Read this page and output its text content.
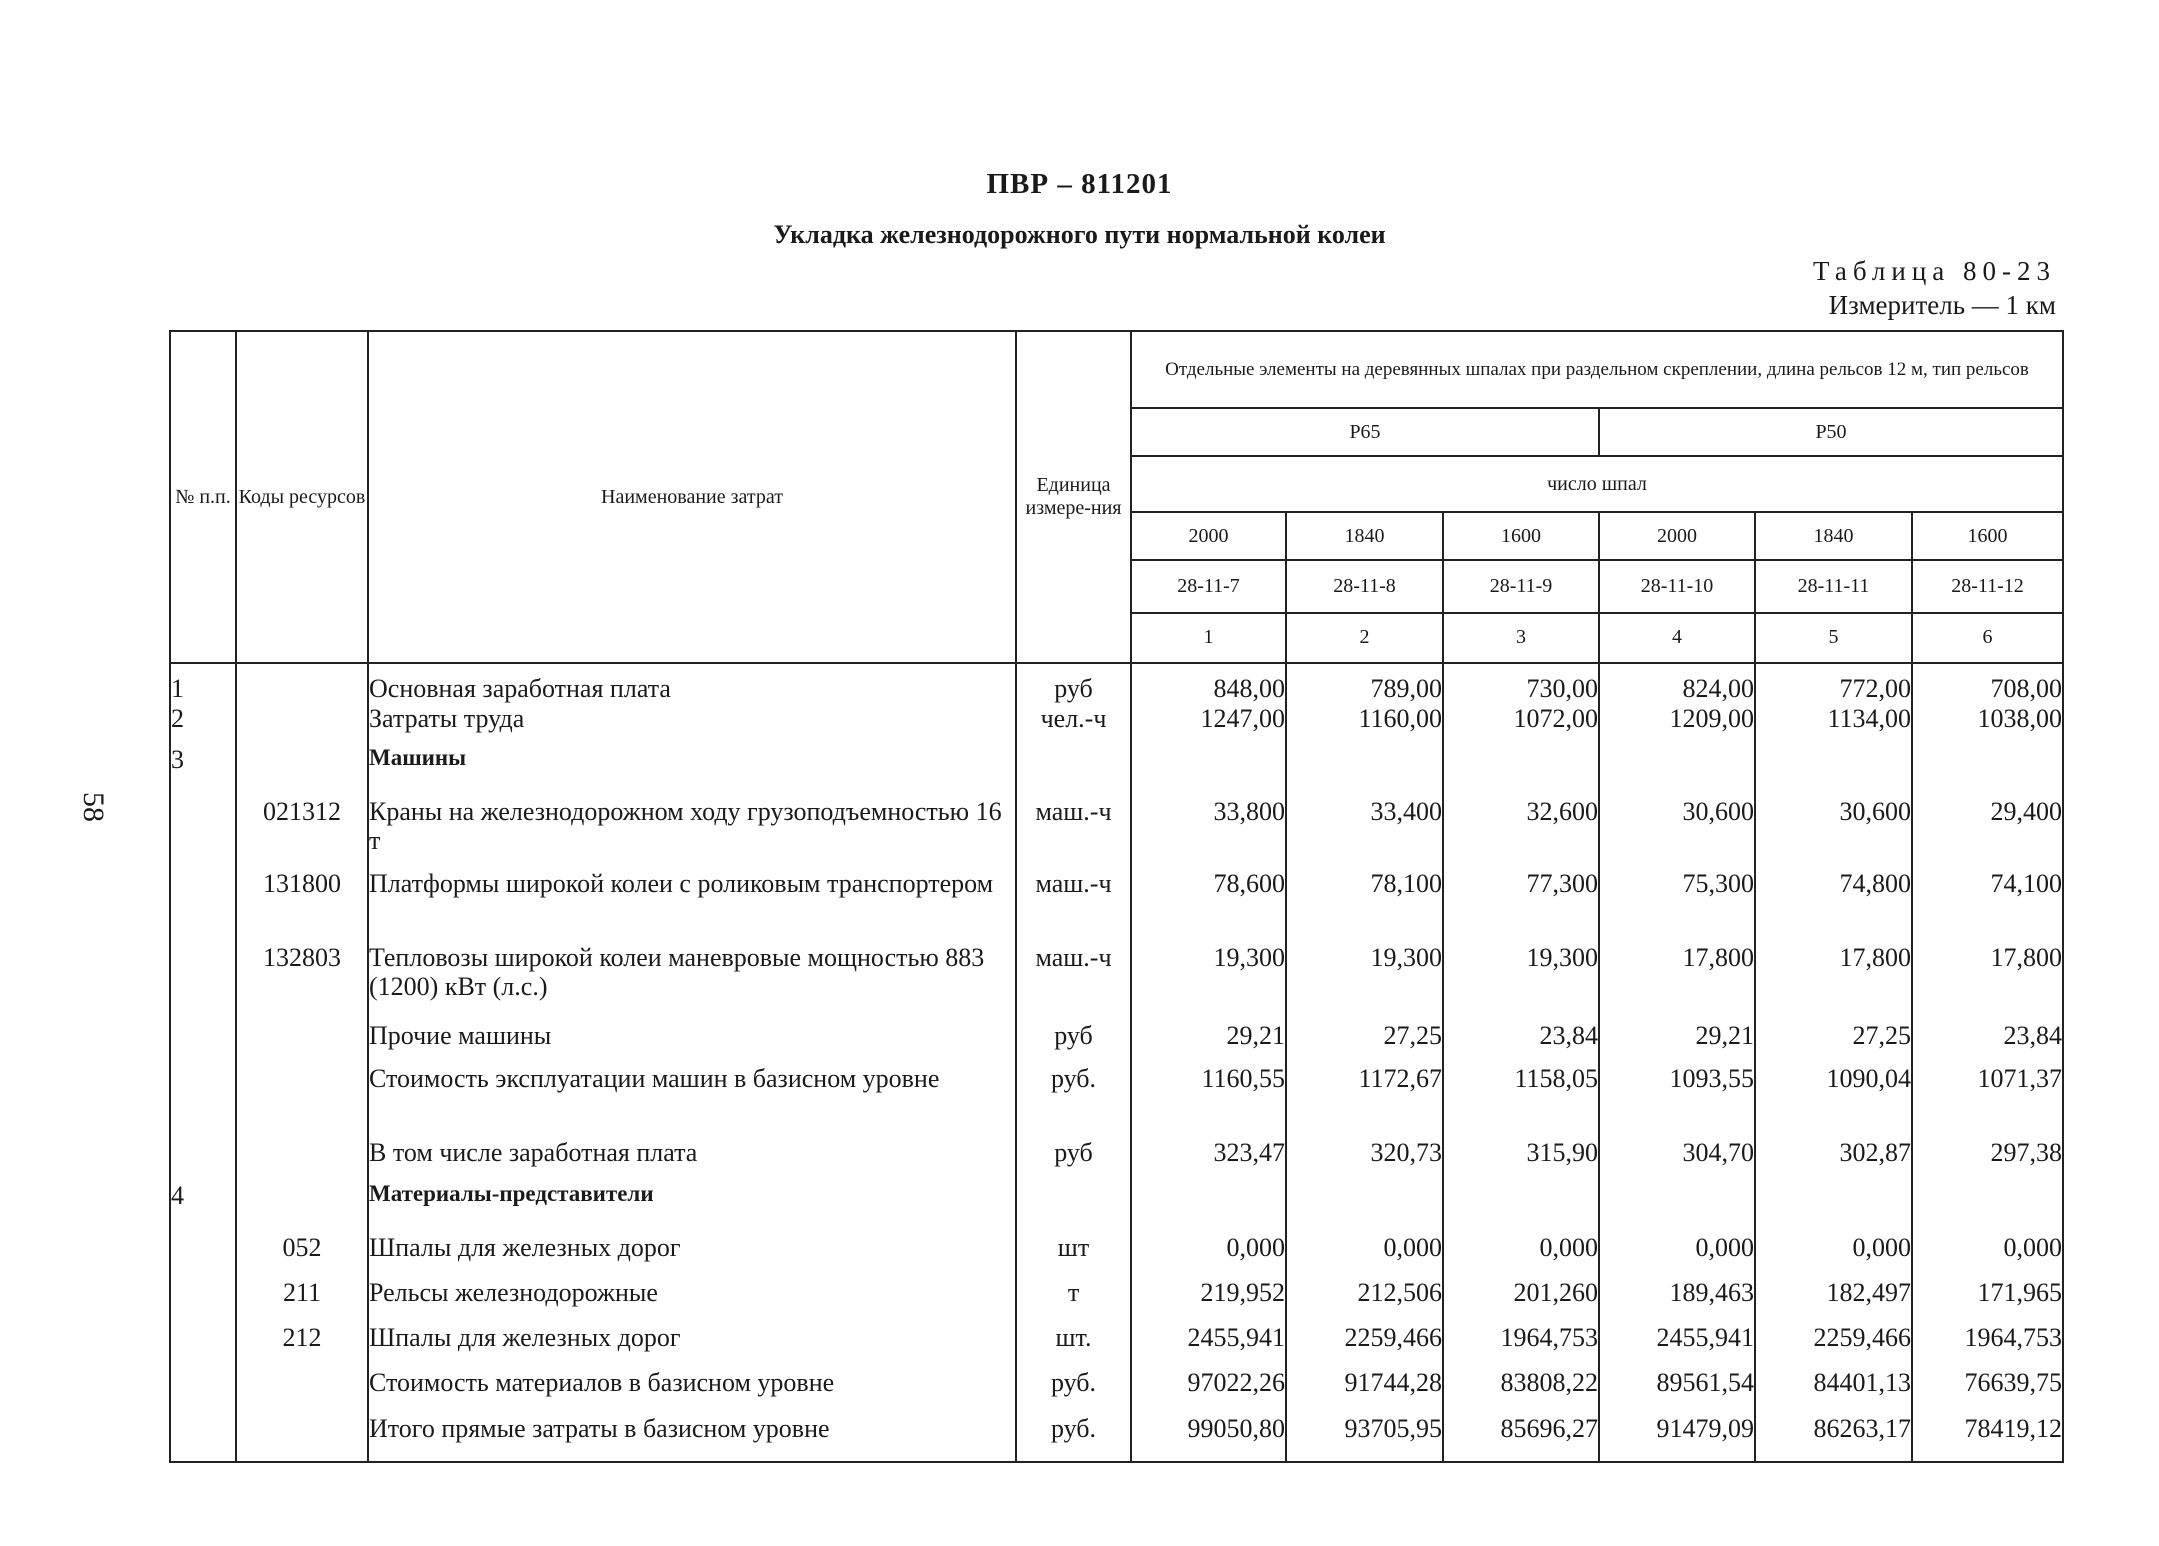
ПВР – 811201
Укладка железнодорожного пути нормальной колеи
Таблица 80-23
Измеритель — 1 км
58
№ п.п.	Коды ресурсов	Наименование затрат	Единица измере-ния	Отдельные элементы на деревянных шпалах при раздельном скреплении, длина рельсов 12 м, тип рельсов					
				Р65			Р50		
				число шпал					
				2000	1840	1600	2000	1840	1600
				28-11-7	28-11-8	28-11-9	28-11-10	28-11-11	28-11-12
				1	2	3	4	5	6
1		Основная заработная плата	руб	848,00	789,00	730,00	824,00	772,00	708,00
2		Затраты труда	чел.-ч	1247,00	1160,00	1072,00	1209,00	1134,00	1038,00
3		Машины							
	021312	Краны на железнодорожном ходу грузоподъемностью 16 т	маш.-ч	33,800	33,400	32,600	30,600	30,600	29,400
	131800	Платформы широкой колеи с роликовым транспортером	маш.-ч	78,600	78,100	77,300	75,300	74,800	74,100
	132803	Тепловозы широкой колеи маневровые мощностью 883 (1200) кВт (л.с.)	маш.-ч	19,300	19,300	19,300	17,800	17,800	17,800
		Прочие машины	руб	29,21	27,25	23,84	29,21	27,25	23,84
		Стоимость эксплуатации машин в базисном уровне	руб.	1160,55	1172,67	1158,05	1093,55	1090,04	1071,37
		В том числе заработная плата	руб	323,47	320,73	315,90	304,70	302,87	297,38
4		Материалы-представители							
	052	Шпалы для железных дорог	шт	0,000	0,000	0,000	0,000	0,000	0,000
	211	Рельсы железнодорожные	т	219,952	212,506	201,260	189,463	182,497	171,965
	212	Шпалы для железных дорог	шт.	2455,941	2259,466	1964,753	2455,941	2259,466	1964,753
		Стоимость материалов в базисном уровне	руб.	97022,26	91744,28	83808,22	89561,54	84401,13	76639,75
		Итого прямые затраты в базисном уровне	руб.	99050,80	93705,95	85696,27	91479,09	86263,17	78419,12
